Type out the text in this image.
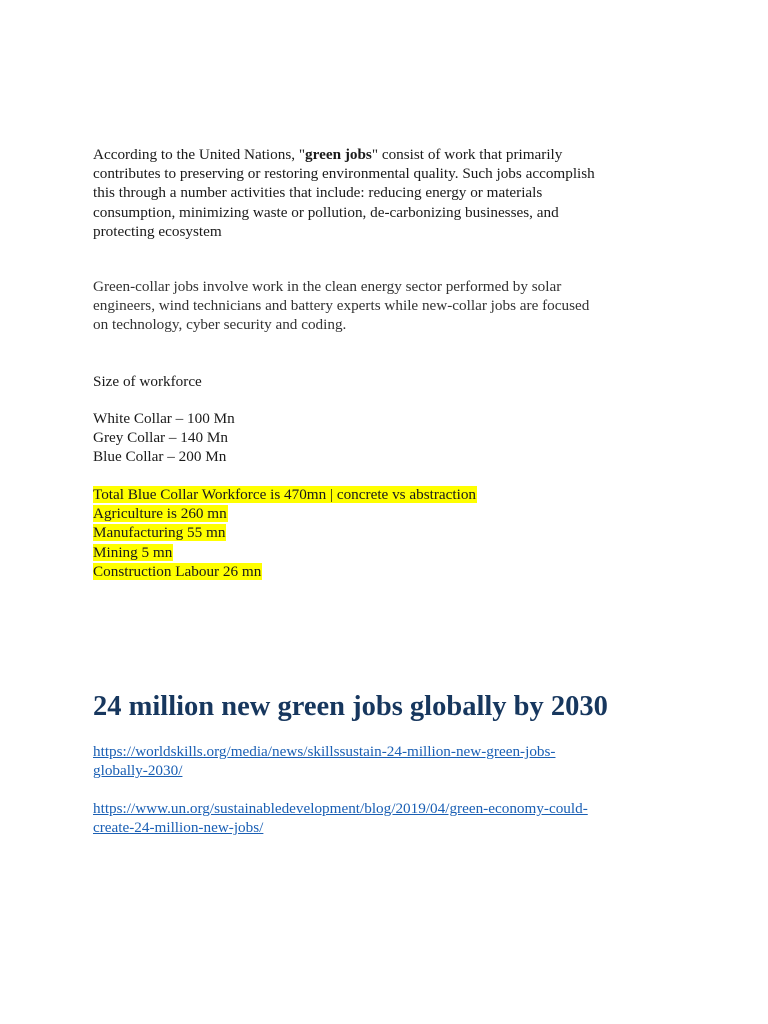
According to the United Nations, "green jobs" consist of work that primarily
contributes to preserving or restoring environmental quality. Such jobs accomplish
this through a number activities that include: reducing energy or materials
consumption, minimizing waste or pollution, de-carbonizing businesses, and
protecting ecosystem

Green-collar jobs involve work in the clean energy sector performed by solar
engineers, wind technicians and battery experts while new-collar jobs are focused
on technology, cyber security and coding.

Size of workforce

White Collar – 100 Mn
Grey Collar – 140 Mn
Blue Collar – 200 Mn

Total Blue Collar Workforce is 470mn | concrete vs abstraction
Agriculture is 260 mn
Manufacturing 55 mn
Mining 5 mn
Construction Labour 26 mn

24 million new green jobs globally by 2030
https://worldskills.org/media/news/skillssustain-24-million-new-green-jobs-
globally-2030/
https://www.un.org/sustainabledevelopment/blog/2019/04/green-economy-could-
create-24-million-new-jobs/
